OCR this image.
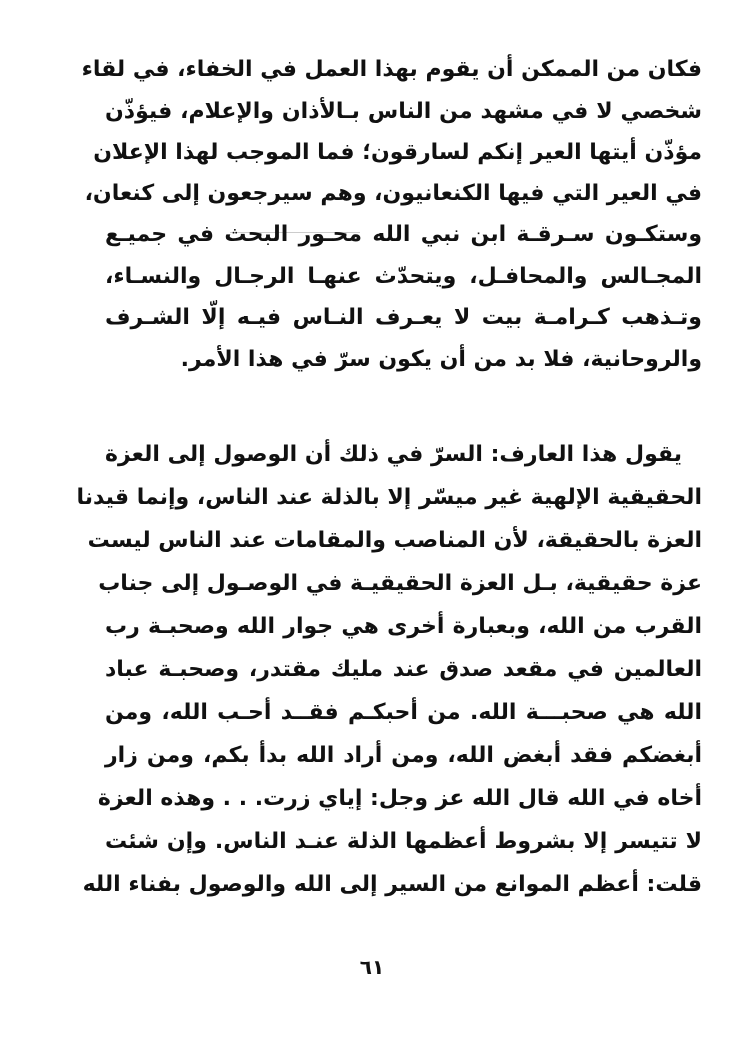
فكان من الممكن أن يقوم بهذا العمل في الخفاء، في لقاء
شخصي لا في مشهد من الناس بـالأذان والإعلام، فيؤذّن
مؤذّن أيتها العير إنكم لسارقون؛ فما الموجب لهذا الإعلان
في العير التي فيها الكنعانيون، وهم سيرجعون إلى كنعان،
وستكـون سـرقـة ابن نبي الله محـور البحث في جميـع
المجـالس والمحافـل، ويتحدّث عنهـا الرجـال والنسـاء،
وتـذهب كـرامـة بيت لا يعـرف النـاس فيـه إلّا الشـرف
والروحانية، فلا بد من أن يكون سرّ في هذا الأمر.
يقول هذا العارف: السرّ في ذلك أن الوصول إلى العزة
الحقيقية الإلهية غير ميسّر إلا بالذلة عند الناس، وإنما قيدنا
العزة بالحقيقة، لأن المناصب والمقامات عند الناس ليست
عزة حقيقية، بـل العزة الحقيقيـة في الوصـول إلى جناب
القرب من الله، وبعبارة أخرى هي جوار الله وصحبـة رب
العالمين في مقعد صدق عند مليك مقتدر، وصحبـة عباد
الله هي صحبـــة الله. من أحبكـم فقــد أحـب الله، ومن
أبغضكم فقد أبغض الله، ومن أراد الله بدأ بكم، ومن زار
أخاه في الله قال الله عز وجل: إياي زرت. . . وهذه العزة
لا تتيسر إلا بشروط أعظمها الذلة عنـد الناس. وإن شئت
قلت: أعظم الموانع من السير إلى الله والوصول بفناء الله
٦١
